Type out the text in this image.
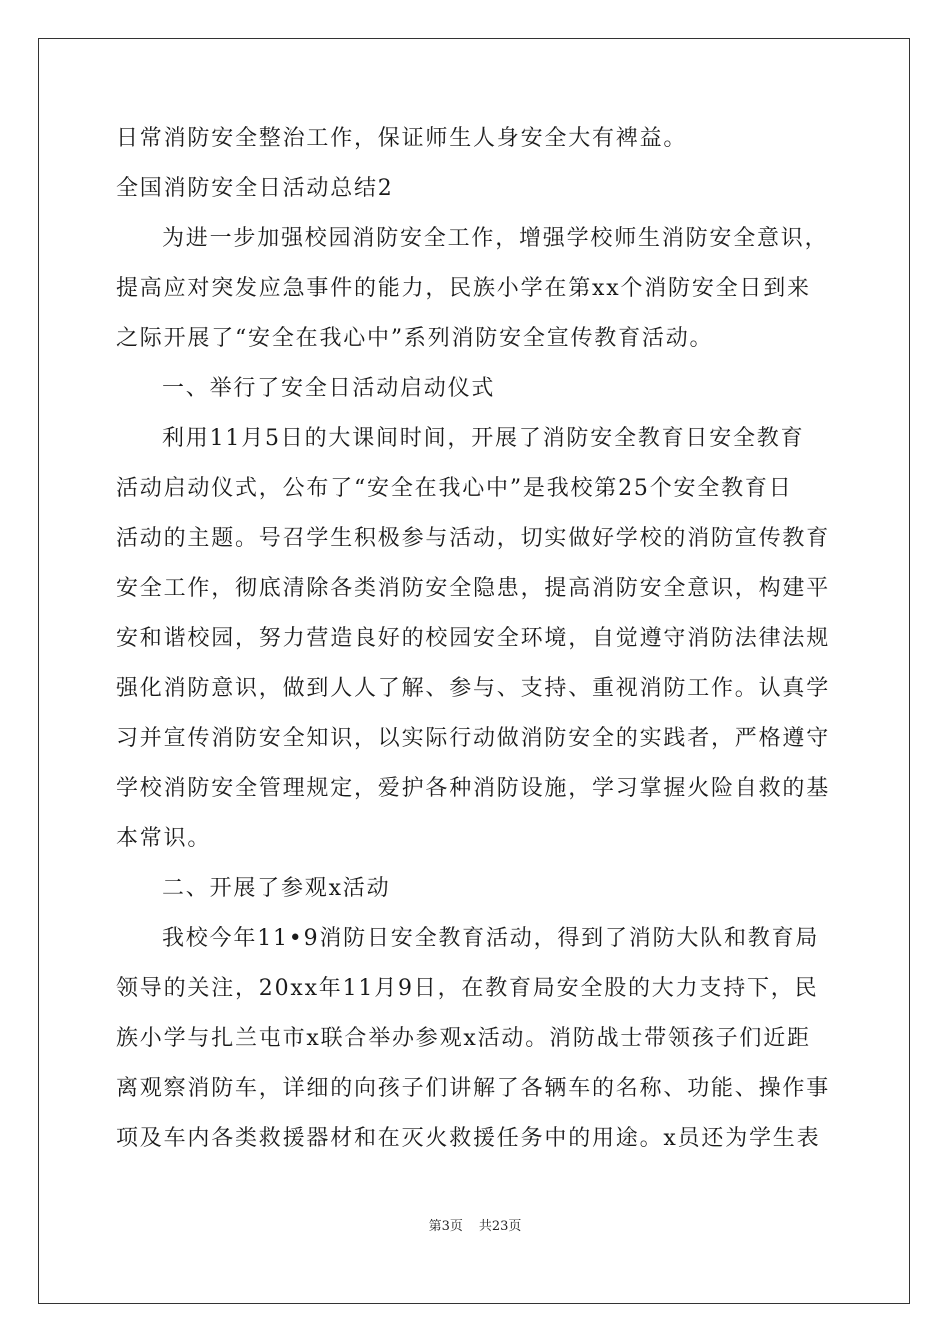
日常消防安全整治工作，保证师生人身安全大有裨益。
全国消防安全日活动总结2
为进一步加强校园消防安全工作，增强学校师生消防安全意识，
提高应对突发应急事件的能力，民族小学在第xx个消防安全日到来
之际开展了“安全在我心中”系列消防安全宣传教育活动。
一、举行了安全日活动启动仪式
利用11月5日的大课间时间，开展了消防安全教育日安全教育
活动启动仪式，公布了“安全在我心中”是我校第25个安全教育日
活动的主题。号召学生积极参与活动，切实做好学校的消防宣传教育
安全工作，彻底清除各类消防安全隐患，提高消防安全意识，构建平
安和谐校园，努力营造良好的校园安全环境，自觉遵守消防法律法规
强化消防意识，做到人人了解、参与、支持、重视消防工作。认真学
习并宣传消防安全知识，以实际行动做消防安全的实践者，严格遵守
学校消防安全管理规定，爱护各种消防设施，学习掌握火险自救的基
本常识。
二、开展了参观x活动
我校今年11•9消防日安全教育活动，得到了消防大队和教育局
领导的关注，20xx年11月9日，在教育局安全股的大力支持下，民
族小学与扎兰屯市x联合举办参观x活动。消防战士带领孩子们近距
离观察消防车，详细的向孩子们讲解了各辆车的名称、功能、操作事
项及车内各类救援器材和在灭火救援任务中的用途。x员还为学生表
第3页 共23页
